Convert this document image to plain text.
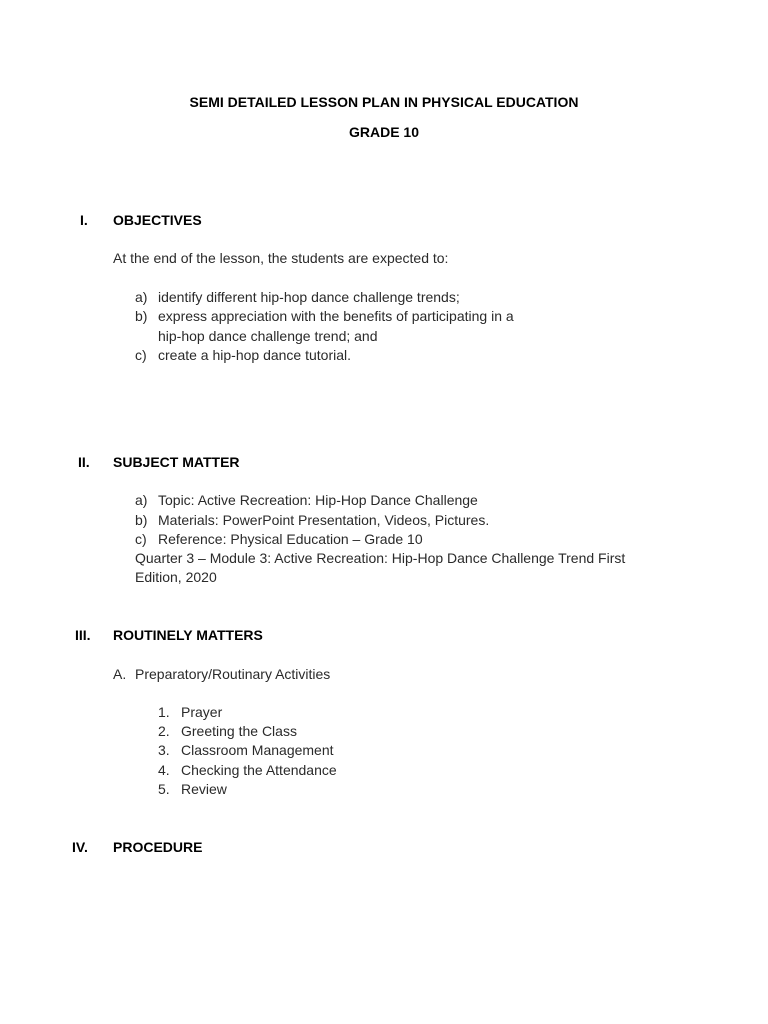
SEMI DETAILED LESSON PLAN IN PHYSICAL EDUCATION
GRADE 10
I. OBJECTIVES
At the end of the lesson, the students are expected to:
a) identify different hip-hop dance challenge trends;
b) express appreciation with the benefits of participating in a
hip-hop dance challenge trend; and
c) create a hip-hop dance tutorial.
II. SUBJECT MATTER
a) Topic: Active Recreation: Hip-Hop Dance Challenge
b) Materials: PowerPoint Presentation, Videos, Pictures.
c) Reference: Physical Education – Grade 10
Quarter 3 – Module 3: Active Recreation: Hip-Hop Dance Challenge Trend First
Edition, 2020
III. ROUTINELY MATTERS
A. Preparatory/Routinary Activities
1. Prayer
2. Greeting the Class
3. Classroom Management
4. Checking the Attendance
5. Review
IV. PROCEDURE
